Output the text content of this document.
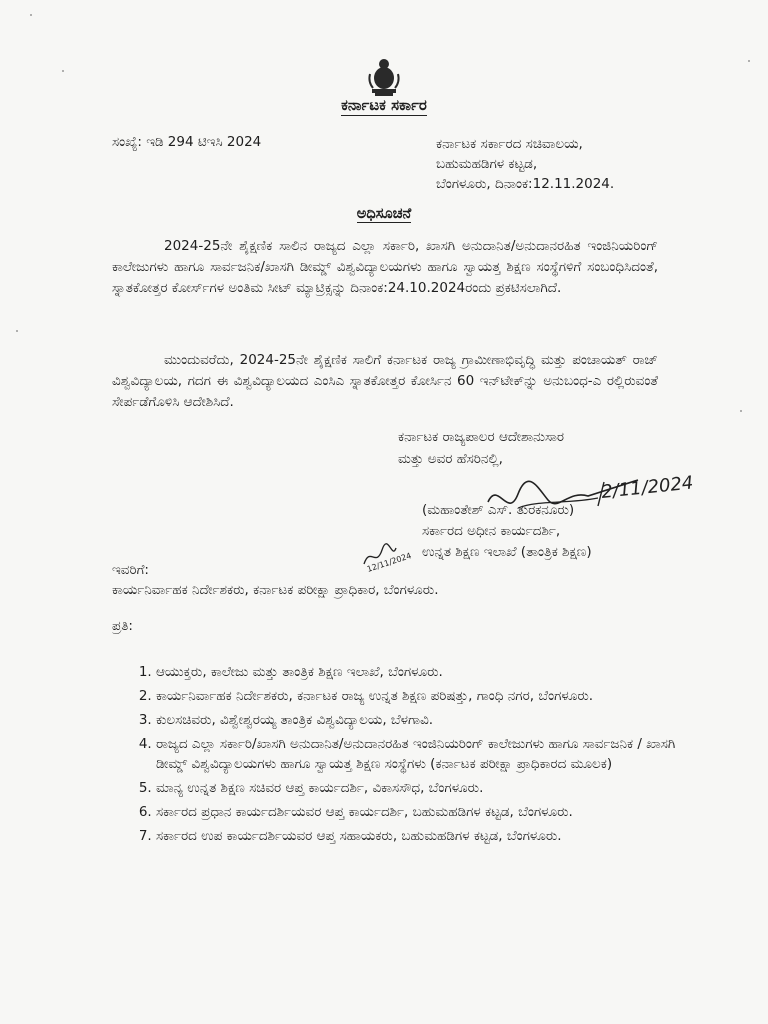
ಕರ್ನಾಟಕ ಸರ್ಕಾರ
ಸಂಖ್ಯೆ: ಇಡಿ 294 ಟಿಇಸಿ 2024	ಕರ್ನಾಟಕ ಸರ್ಕಾರದ ಸಚಿವಾಲಯ,
ಬಹುಮಹಡಿಗಳ ಕಟ್ಟಡ,
ಬೆಂಗಳೂರು, ದಿನಾಂಕ:12.11.2024.
ಅಧಿಸೂಚನೆ
2024-25ನೇ ಶೈಕ್ಷಣಿಕ ಸಾಲಿನ ರಾಜ್ಯದ ಎಲ್ಲಾ ಸರ್ಕಾರಿ, ಖಾಸಗಿ ಅನುದಾನಿತ/ಅನುದಾನರಹಿತ ಇಂಜಿನಿಯರಿಂಗ್ ಕಾಲೇಜುಗಳು ಹಾಗೂ ಸಾರ್ವಜನಿಕ/ಖಾಸಗಿ ಡೀಮ್ಡ್ ವಿಶ್ವವಿದ್ಯಾಲಯಗಳು ಹಾಗೂ ಸ್ವಾಯತ್ತ ಶಿಕ್ಷಣ ಸಂಸ್ಥೆಗಳಿಗೆ ಸಂಬಂಧಿಸಿದಂತೆ, ಸ್ನಾತಕೋತ್ತರ ಕೋರ್ಸ್‌ಗಳ ಅಂತಿಮ ಸೀಟ್ ಮ್ಯಾಟ್ರಿಕ್ಸನ್ನು ದಿನಾಂಕ:24.10.2024ರಂದು ಪ್ರಕಟಿಸಲಾಗಿದೆ.
ಮುಂದುವರೆದು, 2024-25ನೇ ಶೈಕ್ಷಣಿಕ ಸಾಲಿಗೆ ಕರ್ನಾಟಕ ರಾಜ್ಯ ಗ್ರಾಮೀಣಾಭಿವೃದ್ಧಿ ಮತ್ತು ಪಂಚಾಯತ್ ರಾಜ್ ವಿಶ್ವವಿದ್ಯಾಲಯ, ಗದಗ ಈ ವಿಶ್ವವಿದ್ಯಾಲಯದ ಎಂಸಿಎ ಸ್ನಾತಕೋತ್ತರ ಕೋರ್ಸಿನ 60 ಇನ್‌ಟೇಕ್‌ನ್ನು ಅನುಬಂಧ-ಎ ರಲ್ಲಿರುವಂತೆ ಸೇರ್ಪಡೆಗೊಳಿಸಿ ಆದೇಶಿಸಿದೆ.
ಕರ್ನಾಟಕ ರಾಜ್ಯಪಾಲರ ಆದೇಶಾನುಸಾರ
ಮತ್ತು ಅವರ ಹೆಸರಿನಲ್ಲಿ,
2/11/2024
(ಮಹಾಂತೇಶ್ ಎಸ್. ತುರಕನೂರು)
ಸರ್ಕಾರದ ಅಧೀನ ಕಾರ್ಯದರ್ಶಿ,
ಉನ್ನತ ಶಿಕ್ಷಣ ಇಲಾಖೆ (ತಾಂತ್ರಿಕ ಶಿಕ್ಷಣ)
12/11/2024
ಇವರಿಗೆ:
ಕಾರ್ಯನಿರ್ವಾಹಕ ನಿರ್ದೇಶಕರು, ಕರ್ನಾಟಕ ಪರೀಕ್ಷಾ ಪ್ರಾಧಿಕಾರ, ಬೆಂಗಳೂರು.
ಪ್ರತಿ:
1. ಆಯುಕ್ತರು, ಕಾಲೇಜು ಮತ್ತು ತಾಂತ್ರಿಕ ಶಿಕ್ಷಣ ಇಲಾಖೆ, ಬೆಂಗಳೂರು.
2. ಕಾರ್ಯನಿರ್ವಾಹಕ ನಿರ್ದೇಶಕರು, ಕರ್ನಾಟಕ ರಾಜ್ಯ ಉನ್ನತ ಶಿಕ್ಷಣ ಪರಿಷತ್ತು, ಗಾಂಧಿ ನಗರ, ಬೆಂಗಳೂರು.
3. ಕುಲಸಚಿವರು, ವಿಶ್ವೇಶ್ವರಯ್ಯ ತಾಂತ್ರಿಕ ವಿಶ್ವವಿದ್ಯಾಲಯ, ಬೆಳಗಾವಿ.
4. ರಾಜ್ಯದ ಎಲ್ಲಾ ಸರ್ಕಾರಿ/ಖಾಸಗಿ ಅನುದಾನಿತ/ಅನುದಾನರಹಿತ ಇಂಜಿನಿಯರಿಂಗ್ ಕಾಲೇಜುಗಳು ಹಾಗೂ ಸಾರ್ವಜನಿಕ / ಖಾಸಗಿ ಡೀಮ್ಡ್ ವಿಶ್ವವಿದ್ಯಾಲಯಗಳು ಹಾಗೂ ಸ್ವಾಯತ್ತ ಶಿಕ್ಷಣ ಸಂಸ್ಥೆಗಳು (ಕರ್ನಾಟಕ ಪರೀಕ್ಷಾ ಪ್ರಾಧಿಕಾರದ ಮೂಲಕ)
5. ಮಾನ್ಯ ಉನ್ನತ ಶಿಕ್ಷಣ ಸಚಿವರ ಆಪ್ತ ಕಾರ್ಯದರ್ಶಿ, ವಿಕಾಸಸೌಧ, ಬೆಂಗಳೂರು.
6. ಸರ್ಕಾರದ ಪ್ರಧಾನ ಕಾರ್ಯದರ್ಶಿಯವರ ಆಪ್ತ ಕಾರ್ಯದರ್ಶಿ, ಬಹುಮಹಡಿಗಳ ಕಟ್ಟಡ, ಬೆಂಗಳೂರು.
7. ಸರ್ಕಾರದ ಉಪ ಕಾರ್ಯದರ್ಶಿಯವರ ಆಪ್ತ ಸಹಾಯಕರು, ಬಹುಮಹಡಿಗಳ ಕಟ್ಟಡ, ಬೆಂಗಳೂರು.
